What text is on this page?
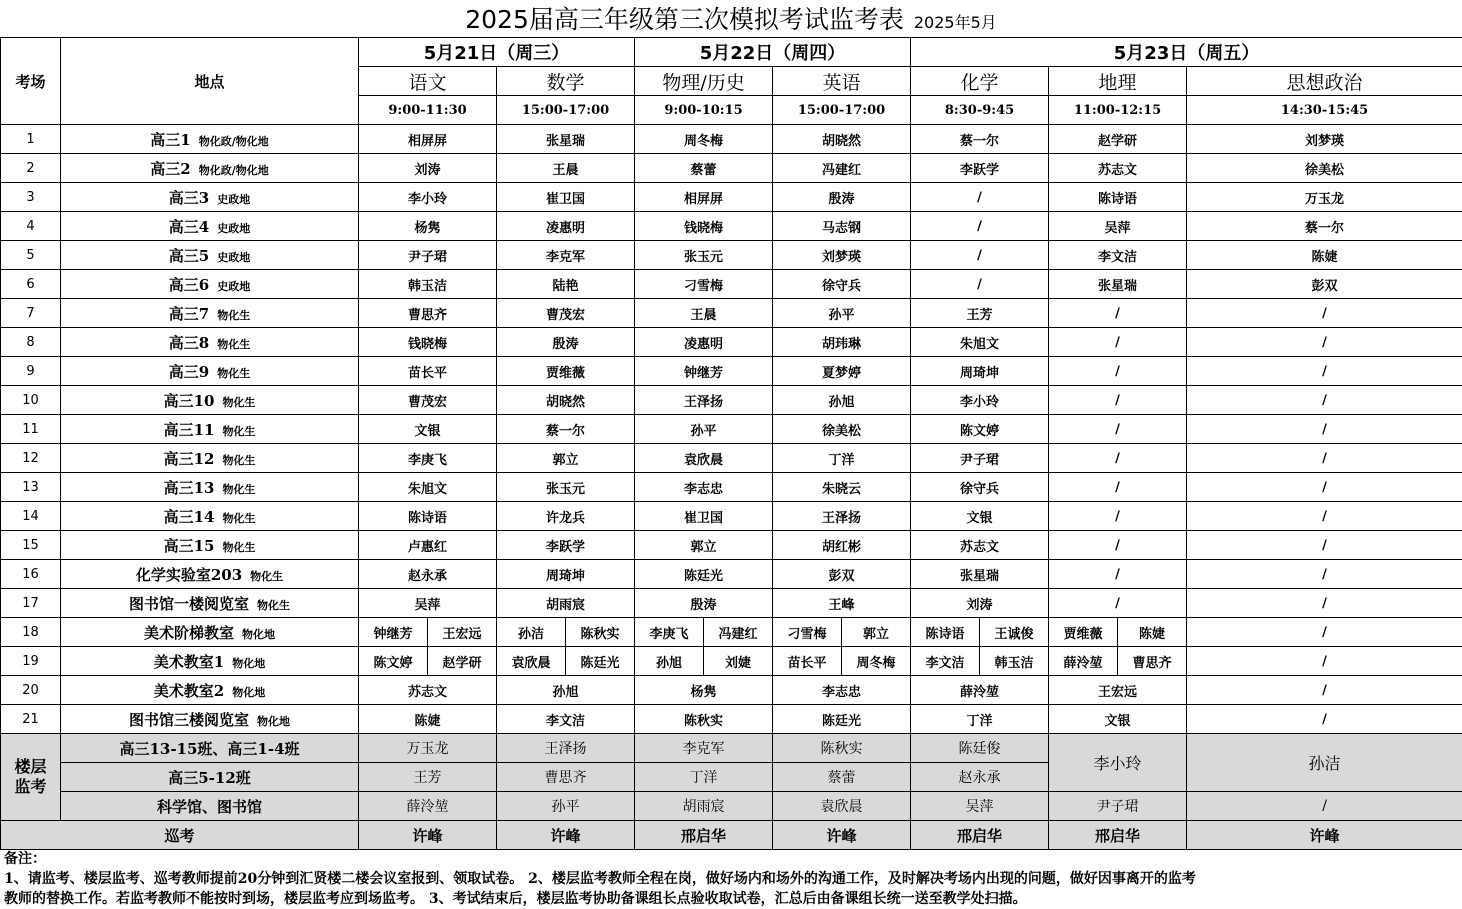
2025届高三年级第三次模拟考试监考表 2025年5月
考场	地点	5月21日（周三）				5月22日（周四）				5月23日（周五）					
		语文		数学		物理/历史		英语		化学		地理		思想政治	
		9:00-11:30		15:00-17:00		9:00-10:15		15:00-17:00		8:30-9:45		11:00-12:15		14:30-15:45	
1	高三1 物化政/物化地	相屏屏		张星瑞		周冬梅		胡晓然		蔡一尔		赵学研		刘梦瑛	
2	高三2 物化政/物化地	刘涛		王晨		蔡蕾		冯建红		李跃学		苏志文		徐美松	
3	高三3 史政地	李小玲		崔卫国		相屏屏		殷涛		/		陈诗语		万玉龙	
4	高三4 史政地	杨隽		凌惠明		钱晓梅		马志钢		/		吴萍		蔡一尔	
5	高三5 史政地	尹子珺		李克军		张玉元		刘梦瑛		/		李文洁		陈婕	
6	高三6 史政地	韩玉洁		陆艳		刁雪梅		徐守兵		/		张星瑞		彭双	
7	高三7 物化生	曹思齐		曹茂宏		王晨		孙平		王芳		/		/	
8	高三8 物化生	钱晓梅		殷涛		凌惠明		胡玮琳		朱旭文		/		/	
9	高三9 物化生	苗长平		贾维薇		钟继芳		夏梦婷		周琦坤		/		/	
10	高三10 物化生	曹茂宏		胡晓然		王泽扬		孙旭		李小玲		/		/	
11	高三11 物化生	文银		蔡一尔		孙平		徐美松		陈文婷		/		/	
12	高三12 物化生	李庚飞		郭立		袁欣晨		丁洋		尹子珺		/		/	
13	高三13 物化生	朱旭文		张玉元		李志忠		朱晓云		徐守兵		/		/	
14	高三14 物化生	陈诗语		许龙兵		崔卫国		王泽扬		文银		/		/	
15	高三15 物化生	卢惠红		李跃学		郭立		胡红彬		苏志文		/		/	
16	化学实验室203 物化生	赵永承		周琦坤		陈廷光		彭双		张星瑞		/		/	
17	图书馆一楼阅览室 物化生	吴萍		胡雨宸		殷涛		王峰		刘涛		/		/	
18	美术阶梯教室 物化地	钟继芳	王宏远	孙洁	陈秋实	李庚飞	冯建红	刁雪梅	郭立	陈诗语	王诚俊	贾维薇	陈婕	/	
19	美术教室1 物化地	陈文婷	赵学研	袁欣晨	陈廷光	孙旭	刘婕	苗长平	周冬梅	李文洁	韩玉洁	薛泠堃	曹思齐	/	
20	美术教室2 物化地	苏志文		孙旭		杨隽		李志忠		薛泠堃		王宏远		/	
21	图书馆三楼阅览室 物化地	陈婕		李文洁		陈秋实		陈廷光		丁洋		文银		/	
楼层监考	高三13-15班、高三1-4班	万玉龙		王泽扬		李克军		陈秋实		陈廷俊		李小玲		孙洁	
	高三5-12班	王芳		曹思齐		丁洋		蔡蕾		赵永承					
	科学馆、图书馆	薛泠堃		孙平		胡雨宸		袁欣晨		吴萍		尹子珺		/	
巡考		许峰		许峰		邢启华		许峰		邢启华		邢启华		许峰	
备注：
1、请监考、楼层监考、巡考教师提前20分钟到汇贤楼二楼会议室报到、领取试卷。 2、楼层监考教师全程在岗，做好场内和场外的沟通工作，及时解决考场内出现的问题，做好因事离开的监考
教师的替换工作。若监考教师不能按时到场，楼层监考应到场监考。 3、考试结束后，楼层监考协助备课组长点验收取试卷，汇总后由备课组长统一送至教学处扫描。
